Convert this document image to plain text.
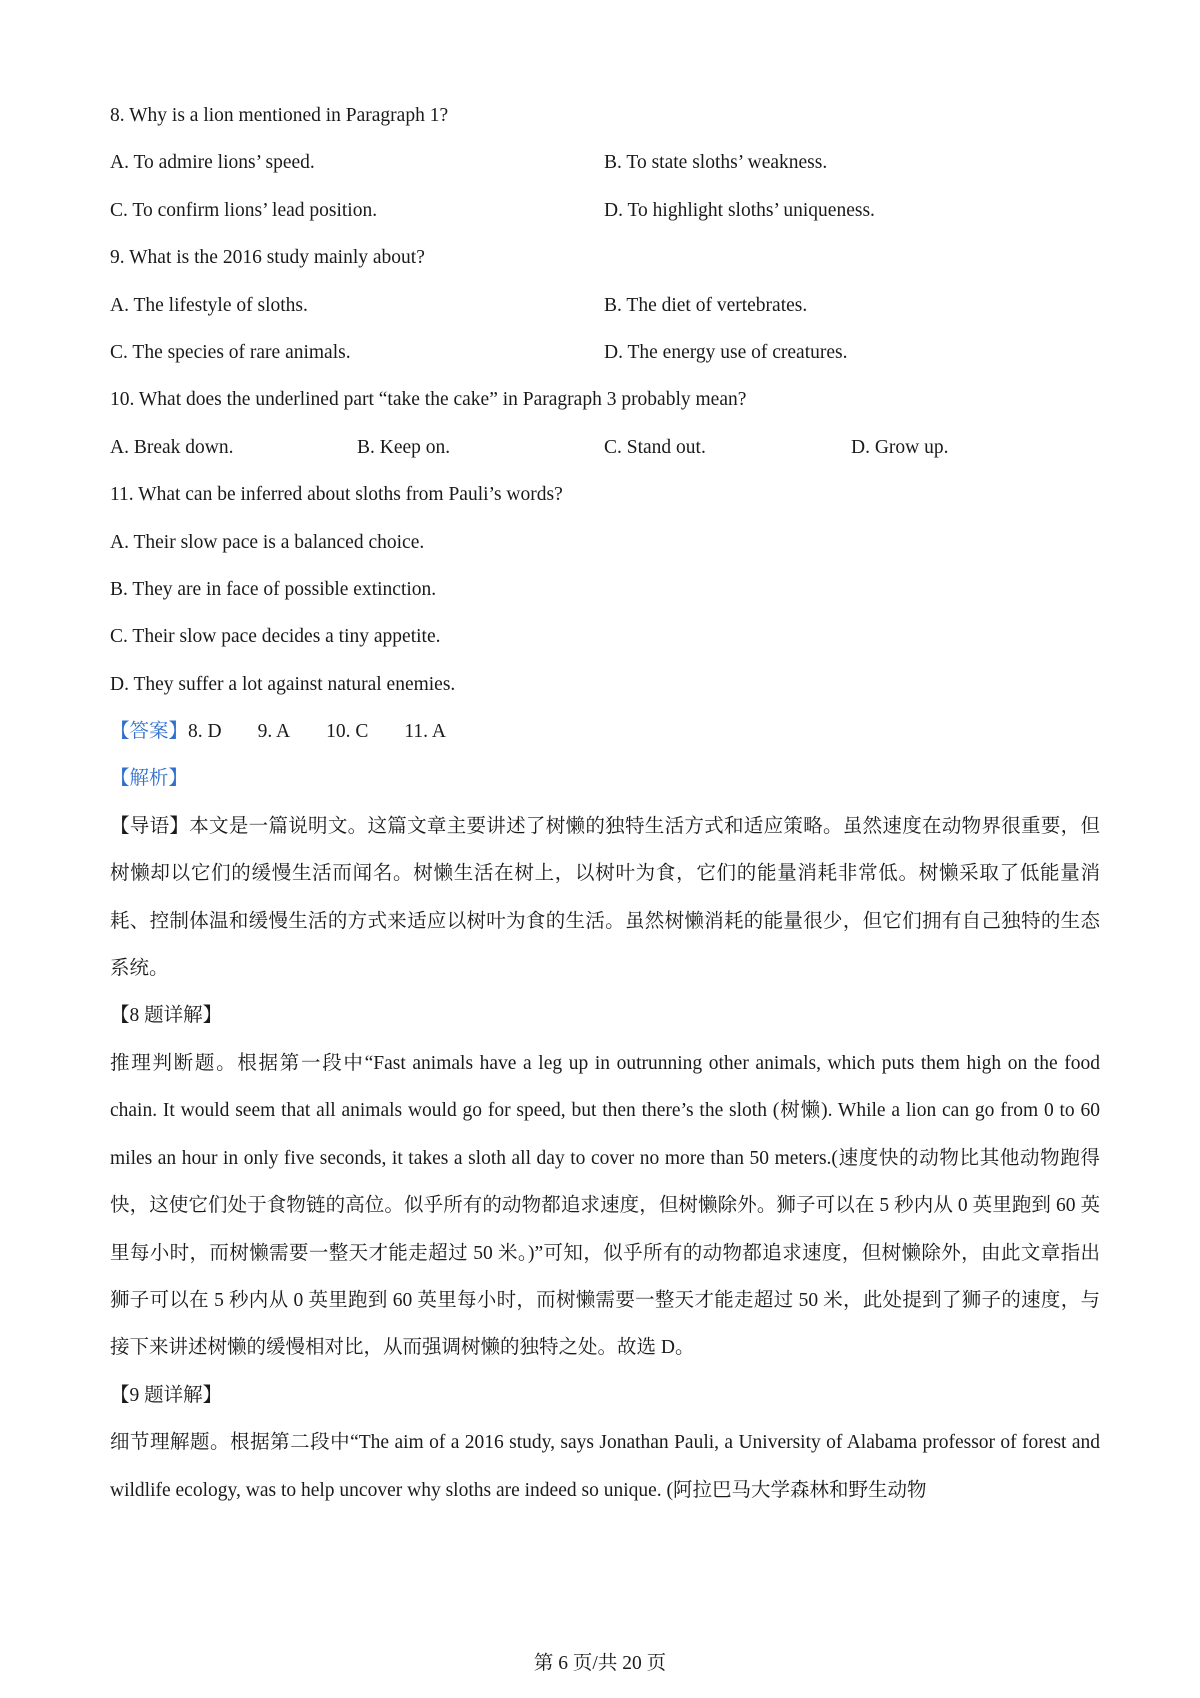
8. Why is a lion mentioned in Paragraph 1?
A. To admire lions’ speed.	B. To state sloths’ weakness.
C. To confirm lions’ lead position.	D. To highlight sloths’ uniqueness.
9. What is the 2016 study mainly about?
A. The lifestyle of sloths.	B. The diet of vertebrates.
C. The species of rare animals.	D. The energy use of creatures.
10. What does the underlined part “take the cake” in Paragraph 3 probably mean?
A. Break down.	B. Keep on.	C. Stand out.	D. Grow up.
11. What can be inferred about sloths from Pauli’s words?
A. Their slow pace is a balanced choice.
B. They are in face of possible extinction.
C. Their slow pace decides a tiny appetite.
D. They suffer a lot against natural enemies.
【答案】8. D 9. A 10. C 11. A
【解析】

【导语】本文是一篇说明文。这篇文章主要讲述了树懒的独特生活方式和适应策略。虽然速度在动物界很重要，但树懒却以它们的缓慢生活而闻名。树懒生活在树上，以树叶为食，它们的能量消耗非常低。树懒采取了低能量消耗、控制体温和缓慢生活的方式来适应以树叶为食的生活。虽然树懒消耗的能量很少，但它们拥有自己独特的生态系统。

【8 题详解】

推理判断题。根据第一段中“Fast animals have a leg up in outrunning other animals, which puts them high on the food chain. It would seem that all animals would go for speed, but then there’s the sloth (树懒). While a lion can go from 0 to 60 miles an hour in only five seconds, it takes a sloth all day to cover no more than 50 meters.(速度快的动物比其他动物跑得快，这使它们处于食物链的高位。似乎所有的动物都追求速度，但树懒除外。狮子可以在 5 秒内从 0 英里跑到 60 英里每小时，而树懒需要一整天才能走超过 50 米。)”可知，似乎所有的动物都追求速度，但树懒除外，由此文章指出狮子可以在 5 秒内从 0 英里跑到 60 英里每小时，而树懒需要一整天才能走超过 50 米，此处提到了狮子的速度，与接下来讲述树懒的缓慢相对比，从而强调树懒的独特之处。故选 D。

【9 题详解】

细节理解题。根据第二段中“The aim of a 2016 study, says Jonathan Pauli, a University of Alabama professor of forest and wildlife ecology, was to help uncover why sloths are indeed so unique. (阿拉巴马大学森林和野生动物

第 6 页/共 20 页
